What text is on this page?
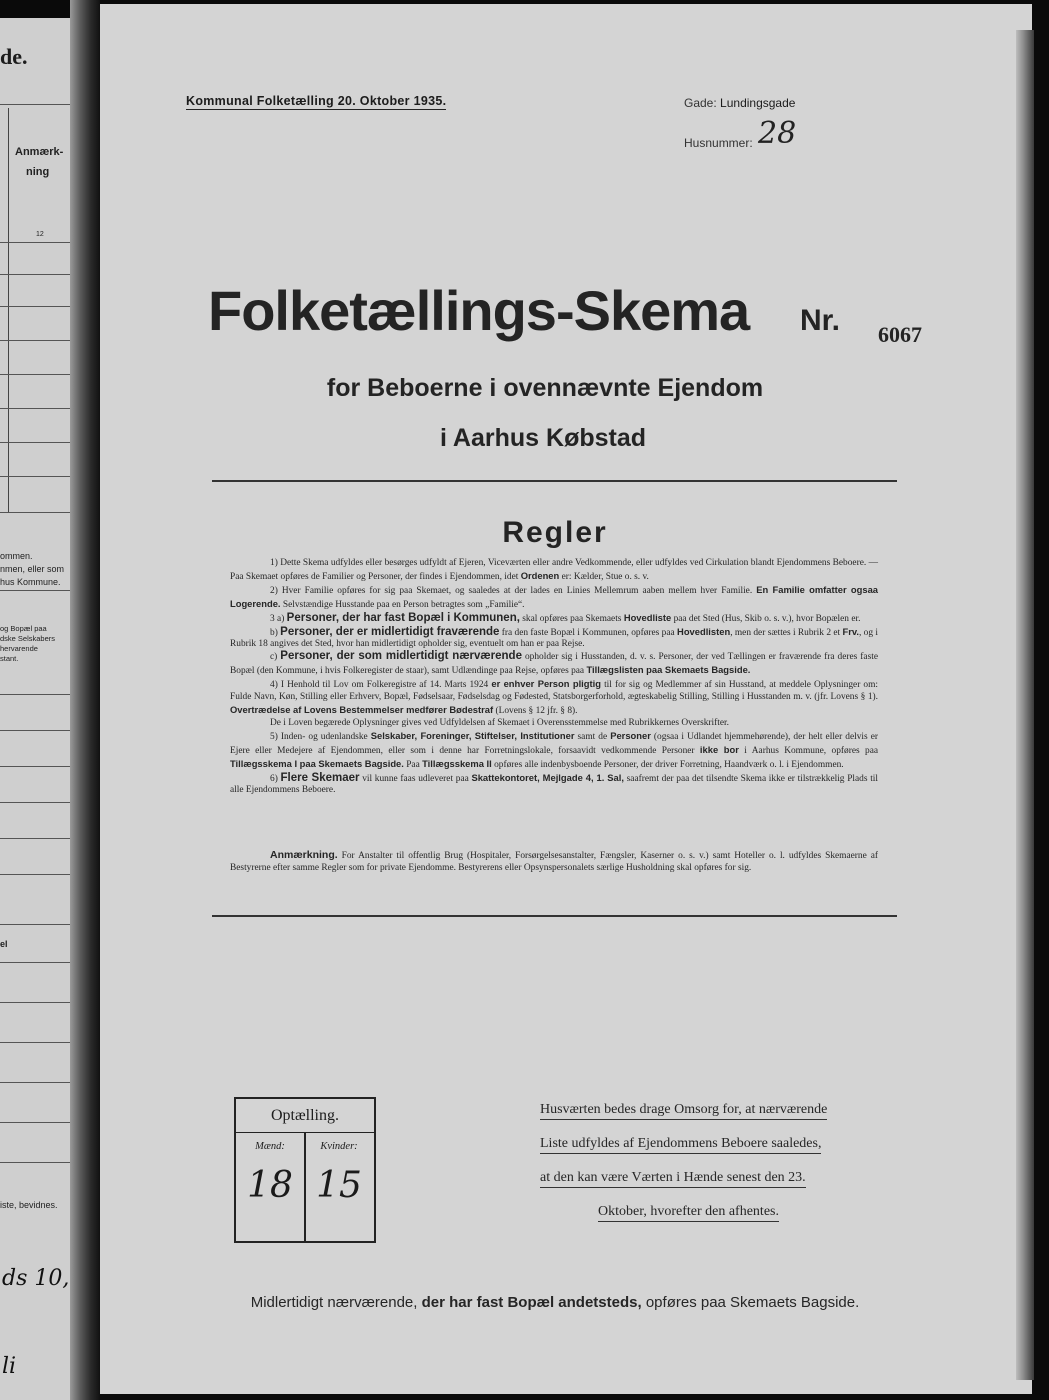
de.
Anmærk-
ning
12
ommen.
nmen, eller som
hus Kommune.
og Bopæl paa
dske Selskabers
hervarende
stant.
el
iste, bevidnes.
ds 10,
li
Kommunal Folketælling 20. Oktober 1935.	Gade: Lundingsgade
Husnummer: 28
Folketællings-Skema Nr. 6067
for Beboerne i ovennævnte Ejendom
i Aarhus Købstad
Regler

1) Dette Skema udfyldes eller besørges udfyldt af Ejeren, Viceværten eller andre Vedkommende, eller udfyldes ved Cirkulation blandt Ejendommens Beboere. — Paa Skemaet opføres de Familier og Personer, der findes i Ejendommen, idet Ordenen er: Kælder, Stue o. s. v.

2) Hver Familie opføres for sig paa Skemaet, og saaledes at der lades en Linies Mellemrum aaben mellem hver Familie. En Familie omfatter ogsaa Logerende. Selvstændige Husstande paa en Person betragtes som „Familie“.

3 a) Personer, der har fast Bopæl i Kommunen, skal opføres paa Skemaets Hovedliste paa det Sted (Hus, Skib o. s. v.), hvor Bopælen er.

b) Personer, der er midlertidigt fraværende fra den faste Bopæl i Kommunen, opføres paa Hovedlisten, men der sættes i Rubrik 2 et Frv., og i Rubrik 18 angives det Sted, hvor han midlertidigt opholder sig, eventuelt om han er paa Rejse.

c) Personer, der som midlertidigt nærværende opholder sig i Husstanden, d. v. s. Personer, der ved Tællingen er fraværende fra deres faste Bopæl (den Kommune, i hvis Folkeregister de staar), samt Udlændinge paa Rejse, opføres paa Tillægslisten paa Skemaets Bagside.

4) I Henhold til Lov om Folkeregistre af 14. Marts 1924 er enhver Person pligtig til for sig og Medlemmer af sin Husstand, at meddele Oplysninger om: Fulde Navn, Køn, Stilling eller Erhverv, Bopæl, Fødselsaar, Fødselsdag og Fødested, Statsborgerforhold, ægteskabelig Stilling, Stilling i Husstanden m. v. (jfr. Lovens § 1). Overtrædelse af Lovens Bestemmelser medfører Bødestraf (Lovens § 12 jfr. § 8).

De i Loven begærede Oplysninger gives ved Udfyldelsen af Skemaet i Overensstemmelse med Rubrikkernes Overskrifter.

5) Inden- og udenlandske Selskaber, Foreninger, Stiftelser, Institutioner samt de Personer (ogsaa i Udlandet hjemmehørende), der helt eller delvis er Ejere eller Medejere af Ejendommen, eller som i denne har Forretningslokale, forsaavidt vedkommende Personer ikke bor i Aarhus Kommune, opføres paa Tillægsskema I paa Skemaets Bagside. Paa Tillægsskema II opføres alle indenbysboende Personer, der driver Forretning, Haandværk o. l. i Ejendommen.

6) Flere Skemaer vil kunne faas udleveret paa Skattekontoret, Mejlgade 4, 1. Sal, saafremt der paa det tilsendte Skema ikke er tilstrækkelig Plads til alle Ejendommens Beboere.

Anmærkning. For Anstalter til offentlig Brug (Hospitaler, Forsørgelsesanstalter, Fængsler, Kaserner o. s. v.) samt Hoteller o. l. udfyldes Skemaerne af Bestyrerne efter samme Regler som for private Ejendomme. Bestyrerens eller Opsynspersonalets særlige Husholdning skal opføres for sig.
Optælling.
Mænd:	Kvinder:
18 15
Husværten bedes drage Omsorg for, at nærværende
Liste udfyldes af Ejendommens Beboere saaledes,
at den kan være Værten i Hænde senest den 23.
Oktober, hvorefter den afhentes.
Midlertidigt nærværende, der har fast Bopæl andetsteds, opføres paa Skemaets Bagside.
